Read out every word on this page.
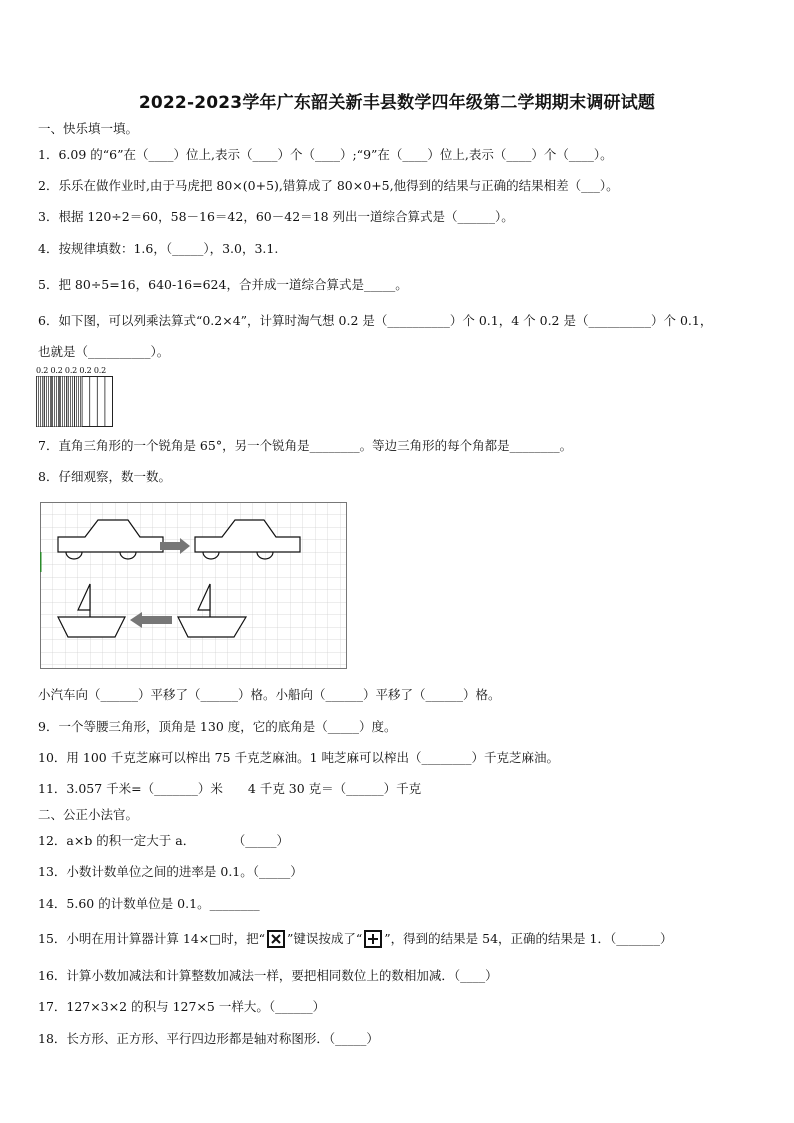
2022-2023学年广东韶关新丰县数学四年级第二学期期末调研试题
一、快乐填一填。
1．6.09 的“6”在（____）位上,表示（____）个（____）;“9”在（____）位上,表示（____）个（____）。
2．乐乐在做作业时,由于马虎把 80×(0+5),错算成了 80×0+5,他得到的结果与正确的结果相差（___）。
3．根据 120÷2＝60，58－16＝42，60－42＝18 列出一道综合算式是（______）。
4．按规律填数：1.6，（_____），3.0，3.1.
5．把 80÷5=16，640-16=624，合并成一道综合算式是_____。
6．如下图，可以列乘法算式“0.2×4”，计算时淘气想 0.2 是（__________）个 0.1，4 个 0.2 是（__________）个 0.1，
也就是（__________）。
0.2 0.2 0.2 0.2 0.2
7．直角三角形的一个锐角是 65°，另一个锐角是________。等边三角形的每个角都是________。
8．仔细观察，数一数。
小汽车向（______）平移了（______）格。小船向（______）平移了（______）格。
9．一个等腰三角形，顶角是 130 度，它的底角是（_____）度。
10．用 100 千克芝麻可以榨出 75 千克芝麻油。1 吨芝麻可以榨出（________）千克芝麻油。
11．3.057 千米=（_______）米　　4 千克 30 克＝（______）千克
二、公正小法官。
12．a×b 的积一定大于 a．　　　　（_____）
13．小数计数单位之间的进率是 0.1。（_____）
14．5.60 的计数单位是 0.1。________
15．小明在用计算器计算 14×□时，把“ ”键误按成了“ ”，得到的结果是 54，正确的结果是 1．（_______）
16．计算小数加减法和计算整数加减法一样，要把相同数位上的数相加减．（____）
17．127×3×2 的积与 127×5 一样大。（______）
18．长方形、正方形、平行四边形都是轴对称图形．（_____）
